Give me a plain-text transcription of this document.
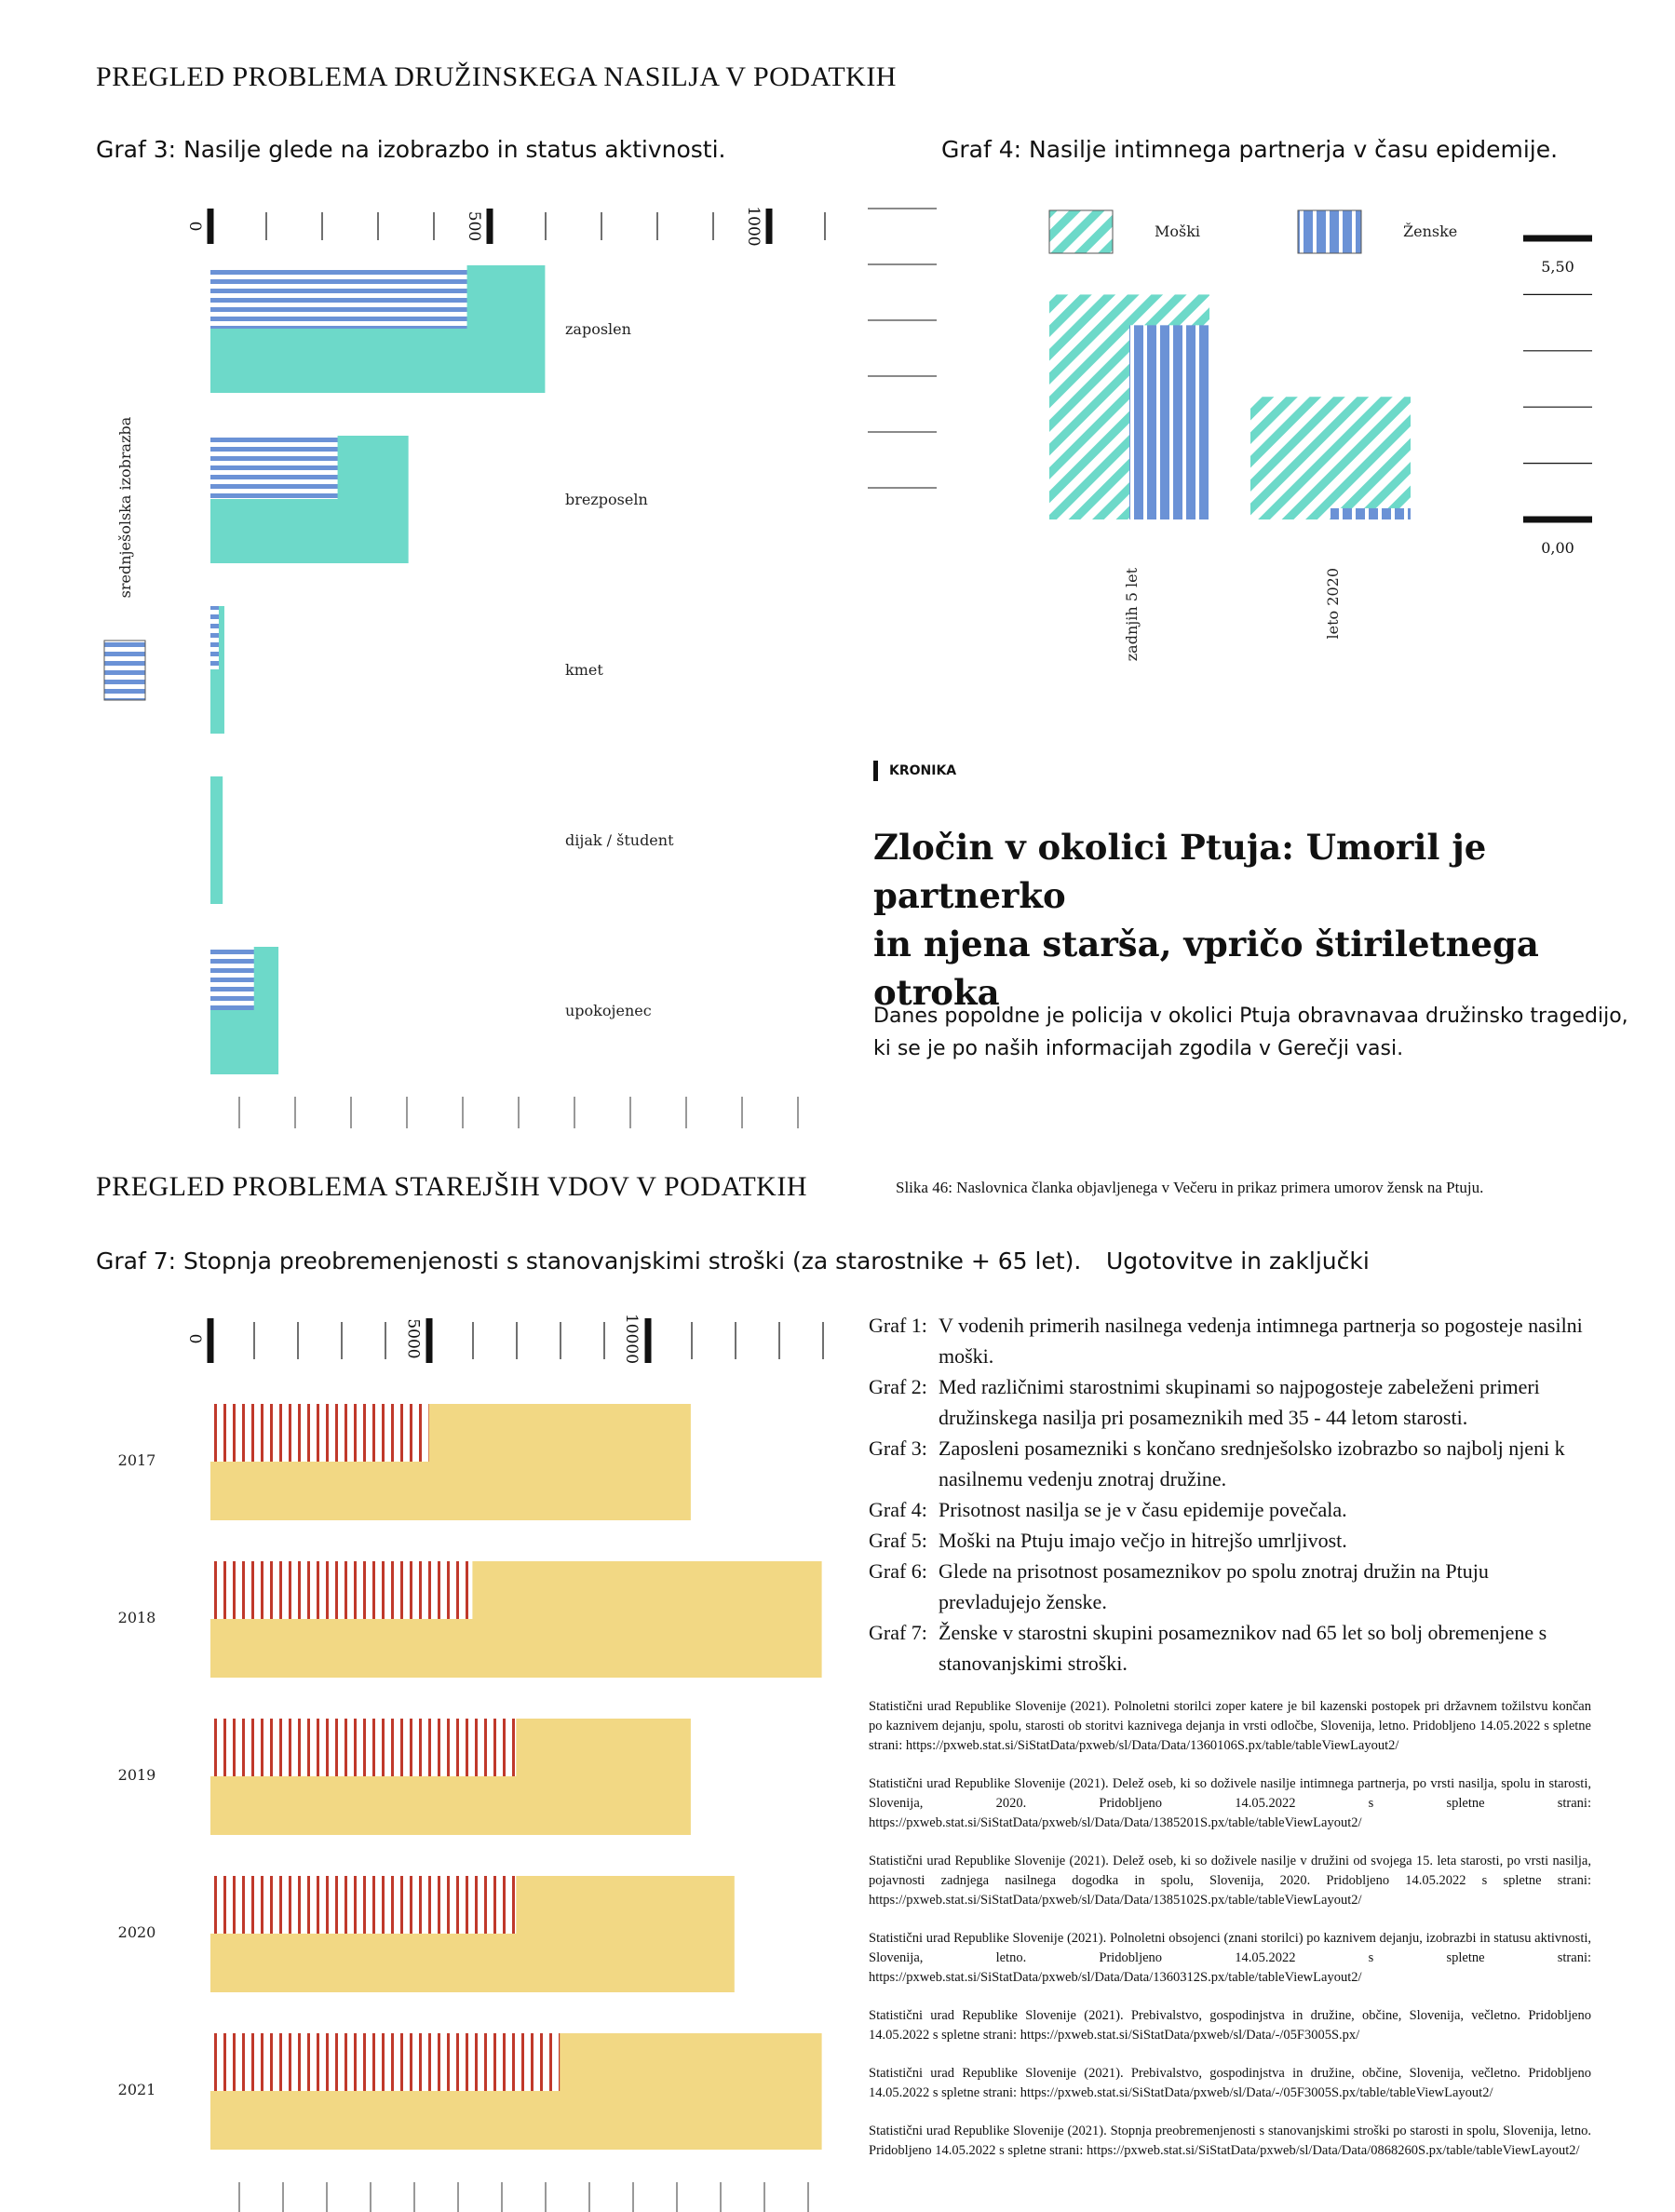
PREGLED PROBLEMA DRUŽINSKEGA NASILJA V PODATKIH
Graf 3: Nasilje glede na izobrazbo in status aktivnosti.	Graf 4: Nasilje intimnega partnerja v času epidemije.
0	500	1000
zaposlen
brezposeln
kmet
dijak / študent
upokojenec
srednješolska izobrazba
Moški	Ženske
5,50
0,00
zadnjih 5 let	leto 2020
KRONIKA
Zločin v okolici Ptuja: Umoril je partnerko
in njena starša, vpričo štiriletnega otroka
Danes popoldne je policija v okolici Ptuja obravnavaa družinsko tragedijo,
ki se je po naših informacijah zgodila v Gerečji vasi.
PREGLED PROBLEMA STAREJŠIH VDOV V PODATKIH	Slika 46: Naslovnica članka objavljenega v Večeru in prikaz primera umorov žensk na Ptuju.
Graf 7: Stopnja preobremenjenosti s stanovanjskimi stroški (za starostnike + 65 let). Ugotovitve in zaključki
0	5000	10000
2017
2018
2019
2020
2021
Graf 1: V vodenih primerih nasilnega vedenja intimnega partnerja so pogosteje nasilni moški.
Graf 2: Med različnimi starostnimi skupinami so najpogosteje zabeleženi primeri družinskega nasilja pri posameznikih med 35 - 44 letom starosti.
Graf 3: Zaposleni posamezniki s končano srednješolsko izobrazbo so najbolj njeni k nasilnemu vedenju znotraj družine.
Graf 4: Prisotnost nasilja se je v času epidemije povečala.
Graf 5: Moški na Ptuju imajo večjo in hitrejšo umrljivost.
Graf 6: Glede na prisotnost posameznikov po spolu znotraj družin na Ptuju prevladujejo ženske.
Graf 7: Ženske v starostni skupini posameznikov nad 65 let so bolj obremenjene s stanovanjskimi stroški.

Statistični urad Republike Slovenije (2021). Polnoletni storilci zoper katere je bil kazenski postopek pri državnem tožilstvu končan po kaznivem dejanju, spolu, starosti ob storitvi kaznivega dejanja in vrsti odločbe, Slovenija, letno. Pridobljeno 14.05.2022 s spletne strani: https://pxweb.stat.si/SiStatData/pxweb/sl/Data/Data/1360106S.px/table/tableViewLayout2/

Statistični urad Republike Slovenije (2021). Delež oseb, ki so doživele nasilje intimnega partnerja, po vrsti nasilja, spolu in starosti, Slovenija, 2020. Pridobljeno 14.05.2022 s spletne strani: https://pxweb.stat.si/SiStatData/pxweb/sl/Data/Data/1385201S.px/table/tableViewLayout2/

Statistični urad Republike Slovenije (2021). Delež oseb, ki so doživele nasilje v družini od svojega 15. leta starosti, po vrsti nasilja, pojavnosti zadnjega nasilnega dogodka in spolu, Slovenija, 2020. Pridobljeno 14.05.2022 s spletne strani: https://pxweb.stat.si/SiStatData/pxweb/sl/Data/Data/1385102S.px/table/tableViewLayout2/

Statistični urad Republike Slovenije (2021). Polnoletni obsojenci (znani storilci) po kaznivem dejanju, izobrazbi in statusu aktivnosti, Slovenija, letno. Pridobljeno 14.05.2022 s spletne strani: https://pxweb.stat.si/SiStatData/pxweb/sl/Data/Data/1360312S.px/table/tableViewLayout2/

Statistični urad Republike Slovenije (2021). Prebivalstvo, gospodinjstva in družine, občine, Slovenija, večletno. Pridobljeno 14.05.2022 s spletne strani: https://pxweb.stat.si/SiStatData/pxweb/sl/Data/-/05F3005S.px/

Statistični urad Republike Slovenije (2021). Prebivalstvo, gospodinjstva in družine, občine, Slovenija, večletno. Pridobljeno 14.05.2022 s spletne strani: https://pxweb.stat.si/SiStatData/pxweb/sl/Data/-/05F3005S.px/table/tableViewLayout2/

Statistični urad Republike Slovenije (2021). Stopnja preobremenjenosti s stanovanjskimi stroški po starosti in spolu, Slovenija, letno. Pridobljeno 14.05.2022 s spletne strani: https://pxweb.stat.si/SiStatData/pxweb/sl/Data/Data/0868260S.px/table/tableViewLayout2/
